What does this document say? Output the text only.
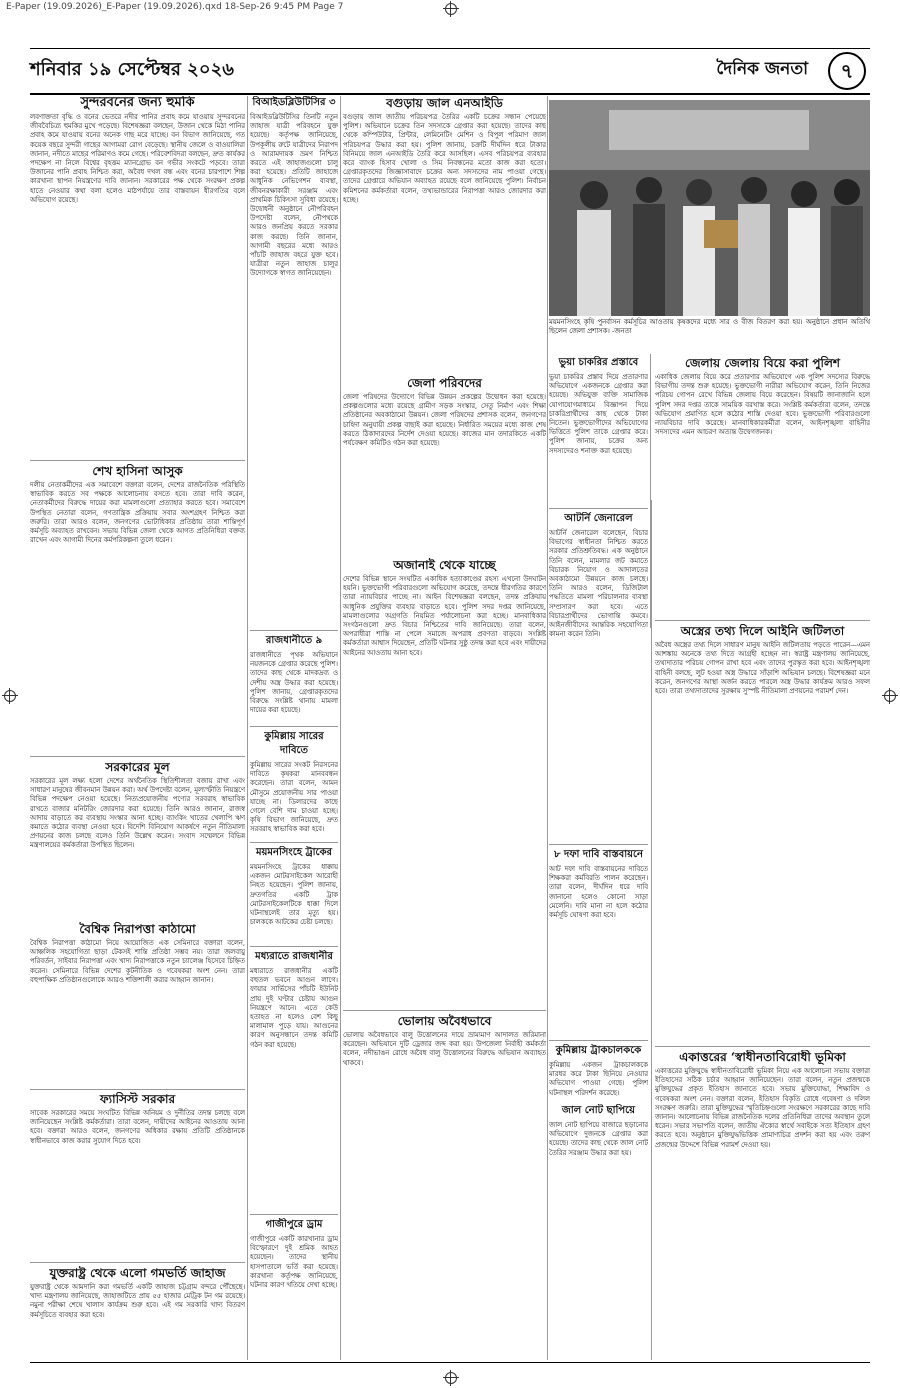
E-Paper (19.09.2026)_E-Paper (19.09.2026).qxd 18-Sep-26 9:45 PM Page 7
শনিবার ১৯ সেপ্টেম্বর ২০২৬	দৈনিক জনতা	৭
সুন্দরবনের জন্য হুমকি
লবণাক্ততা বৃদ্ধি ও বনের ভেতরে নদীর পানির প্রবাহ কমে যাওয়ায় সুন্দরবনের জীববৈচিত্র্য হুমকির মুখে পড়েছে। বিশেষজ্ঞরা বলছেন, উজান থেকে মিঠা পানির প্রবাহ কমে যাওয়ায় বনের অনেক গাছ মরে যাচ্ছে। বন বিভাগ জানিয়েছে, গত কয়েক বছরে সুন্দরী গাছের আগামরা রোগ বেড়েছে। স্থানীয় জেলে ও বাওয়ালিরা জানান, নদীতে মাছের পরিমাণও কমে গেছে। পরিবেশবিদরা বলছেন, দ্রুত কার্যকর পদক্ষেপ না নিলে বিশ্বের বৃহত্তম ম্যানগ্রোভ বন গভীর সংকটে পড়বে। তারা উজানের পানি প্রবাহ নিশ্চিত করা, অবৈধ দখল বন্ধ এবং বনের চারপাশে শিল্প কারখানা স্থাপন নিয়ন্ত্রণের দাবি জানান। সরকারের পক্ষ থেকে সংরক্ষণ প্রকল্প হাতে নেওয়ার কথা বলা হলেও মাঠপর্যায়ে তার বাস্তবায়ন ধীরগতির বলে অভিযোগ রয়েছে।
শেখ হাসিনা আসুক
দলীয় নেতাকর্মীদের এক সমাবেশে বক্তারা বলেন, দেশের রাজনৈতিক পরিস্থিতি স্বাভাবিক করতে সব পক্ষকে আলোচনায় বসতে হবে। তারা দাবি করেন, নেতাকর্মীদের বিরুদ্ধে দায়ের করা মামলাগুলো প্রত্যাহার করতে হবে। সমাবেশে উপস্থিত নেতারা বলেন, গণতান্ত্রিক প্রক্রিয়ায় সবার অংশগ্রহণ নিশ্চিত করা জরুরি। তারা আরও বলেন, জনগণের ভোটাধিকার প্রতিষ্ঠায় তারা শান্তিপূর্ণ কর্মসূচি অব্যাহত রাখবেন। সভায় বিভিন্ন জেলা থেকে আগত প্রতিনিধিরা বক্তব্য রাখেন এবং আগামী দিনের কর্মপরিকল্পনা তুলে ধরেন।
সরকারের মূল
সরকারের মূল লক্ষ্য হলো দেশের অর্থনৈতিক স্থিতিশীলতা বজায় রাখা এবং সাধারণ মানুষের জীবনমান উন্নয়ন করা। অর্থ উপদেষ্টা বলেন, মূল্যস্ফীতি নিয়ন্ত্রণে বিভিন্ন পদক্ষেপ নেওয়া হয়েছে। নিত্যপ্রয়োজনীয় পণ্যের সরবরাহ স্বাভাবিক রাখতে বাজার মনিটরিং জোরদার করা হয়েছে। তিনি আরও জানান, রাজস্ব আদায় বাড়াতে কর ব্যবস্থায় সংস্কার আনা হচ্ছে। ব্যাংকিং খাতের খেলাপি ঋণ কমাতে কঠোর ব্যবস্থা নেওয়া হবে। বিদেশি বিনিয়োগ আকর্ষণে নতুন নীতিমালা প্রণয়নের কাজ চলছে বলেও তিনি উল্লেখ করেন। সংবাদ সম্মেলনে বিভিন্ন মন্ত্রণালয়ের কর্মকর্তারা উপস্থিত ছিলেন।
বৈশ্বিক নিরাপত্তা কাঠামো
বৈশ্বিক নিরাপত্তা কাঠামো নিয়ে আয়োজিত এক সেমিনারে বক্তারা বলেন, আঞ্চলিক সহযোগিতা ছাড়া টেকসই শান্তি প্রতিষ্ঠা সম্ভব নয়। তারা জলবায়ু পরিবর্তন, সাইবার নিরাপত্তা এবং খাদ্য নিরাপত্তাকে নতুন চ্যালেঞ্জ হিসেবে চিহ্নিত করেন। সেমিনারে বিভিন্ন দেশের কূটনীতিক ও গবেষকরা অংশ নেন। তারা বহুপাক্ষিক প্রতিষ্ঠানগুলোকে আরও শক্তিশালী করার আহ্বান জানান।
ফ্যাসিস্ট সরকার
সাবেক সরকারের সময়ে সংঘটিত বিভিন্ন অনিয়ম ও দুর্নীতির তদন্ত চলছে বলে জানিয়েছেন সংশ্লিষ্ট কর্মকর্তারা। তারা বলেন, দায়ীদের আইনের আওতায় আনা হবে। বক্তারা আরও বলেন, জনগণের অধিকার রক্ষায় প্রতিটি প্রতিষ্ঠানকে স্বাধীনভাবে কাজ করার সুযোগ দিতে হবে।
যুক্তরাষ্ট্র থেকে এলো গমভর্তি জাহাজ
যুক্তরাষ্ট্র থেকে আমদানি করা গমভর্তি একটি জাহাজ চট্টগ্রাম বন্দরে পৌঁছেছে। খাদ্য মন্ত্রণালয় জানিয়েছে, জাহাজটিতে প্রায় ৫৫ হাজার মেট্রিক টন গম রয়েছে। নমুনা পরীক্ষা শেষে খালাস কার্যক্রম শুরু হবে। এই গম সরকারি খাদ্য বিতরণ কর্মসূচিতে ব্যবহার করা হবে।
বিআইডব্লিউটিসির ৩
বিআইডব্লিউটিসির তিনটি নতুন জাহাজ যাত্রী পরিবহনে যুক্ত হয়েছে। কর্তৃপক্ষ জানিয়েছে, উপকূলীয় রুটে যাত্রীদের নিরাপদ ও আরামদায়ক ভ্রমণ নিশ্চিত করতে এই জাহাজগুলো চালু করা হয়েছে। প্রতিটি জাহাজে আধুনিক নেভিগেশন ব্যবস্থা, জীবনরক্ষাকারী সরঞ্জাম এবং প্রাথমিক চিকিৎসা সুবিধা রয়েছে। উদ্বোধনী অনুষ্ঠানে নৌপরিবহন উপদেষ্টা বলেন, নৌপথকে আরও জনপ্রিয় করতে সরকার কাজ করছে। তিনি জানান, আগামী বছরের মধ্যে আরও পাঁচটি জাহাজ বহরে যুক্ত হবে। যাত্রীরা নতুন জাহাজ চালুর উদ্যোগকে স্বাগত জানিয়েছেন।
রাজধানীতে ৯
রাজধানীতে পৃথক অভিযানে নয়জনকে গ্রেপ্তার করেছে পুলিশ। তাদের কাছ থেকে মাদকদ্রব্য ও দেশীয় অস্ত্র উদ্ধার করা হয়েছে। পুলিশ জানায়, গ্রেপ্তারকৃতদের বিরুদ্ধে সংশ্লিষ্ট থানায় মামলা দায়ের করা হয়েছে।
কুমিল্লায় সারের দাবিতে
কুমিল্লায় সারের সংকট নিরসনের দাবিতে কৃষকরা মানববন্ধন করেছেন। তারা বলেন, আমন মৌসুমে প্রয়োজনীয় সার পাওয়া যাচ্ছে না। ডিলারদের কাছে গেলে বেশি দাম চাওয়া হচ্ছে। কৃষি বিভাগ জানিয়েছে, দ্রুত সরবরাহ স্বাভাবিক করা হবে।
ময়মনসিংহে ট্রাকের
ময়মনসিংহে ট্রাকের ধাক্কায় একজন মোটরসাইকেল আরোহী নিহত হয়েছেন। পুলিশ জানায়, দ্রুতগতির একটি ট্রাক মোটরসাইকেলটিকে ধাক্কা দিলে ঘটনাস্থলেই তার মৃত্যু হয়। চালককে আটকের চেষ্টা চলছে।
মধ্যরাতে রাজধানীর
মধ্যরাতে রাজধানীর একটি বহুতল ভবনে আগুন লাগে। ফায়ার সার্ভিসের পাঁচটি ইউনিট প্রায় দুই ঘণ্টার চেষ্টায় আগুন নিয়ন্ত্রণে আনে। এতে কেউ হতাহত না হলেও বেশ কিছু মালামাল পুড়ে যায়। আগুনের কারণ অনুসন্ধানে তদন্ত কমিটি গঠন করা হয়েছে।
গাজীপুরে ড্রাম
গাজীপুরে একটি কারখানার ড্রাম বিস্ফোরণে দুই শ্রমিক আহত হয়েছেন। তাদের স্থানীয় হাসপাতালে ভর্তি করা হয়েছে। কারখানা কর্তৃপক্ষ জানিয়েছে, ঘটনার কারণ খতিয়ে দেখা হচ্ছে।
বগুড়ায় জাল এনআইডি
বগুড়ায় জাল জাতীয় পরিচয়পত্র তৈরির একটি চক্রের সন্ধান পেয়েছে পুলিশ। অভিযানে চক্রের তিন সদস্যকে গ্রেপ্তার করা হয়েছে। তাদের কাছ থেকে কম্পিউটার, প্রিন্টার, লেমিনেটিং মেশিন ও বিপুল পরিমাণ জাল পরিচয়পত্র উদ্ধার করা হয়। পুলিশ জানায়, চক্রটি দীর্ঘদিন ধরে টাকার বিনিময়ে জাল এনআইডি তৈরি করে আসছিল। এসব পরিচয়পত্র ব্যবহার করে ব্যাংক হিসাব খোলা ও সিম নিবন্ধনের মতো কাজ করা হতো। গ্রেপ্তারকৃতদের জিজ্ঞাসাবাদে চক্রের অন্য সদস্যদের নাম পাওয়া গেছে। তাদের গ্রেপ্তারে অভিযান অব্যাহত রয়েছে বলে জানিয়েছে পুলিশ। নির্বাচন কমিশনের কর্মকর্তারা বলেন, তথ্যভান্ডারের নিরাপত্তা আরও জোরদার করা হচ্ছে।
জেলা পরিবদের
জেলা পরিষদের উদ্যোগে বিভিন্ন উন্নয়ন প্রকল্পের উদ্বোধন করা হয়েছে। প্রকল্পগুলোর মধ্যে রয়েছে গ্রামীণ সড়ক সংস্কার, সেতু নির্মাণ এবং শিক্ষা প্রতিষ্ঠানের অবকাঠামো উন্নয়ন। জেলা পরিষদের প্রশাসক বলেন, জনগণের চাহিদা অনুযায়ী প্রকল্প বাছাই করা হয়েছে। নির্ধারিত সময়ের মধ্যে কাজ শেষ করতে ঠিকাদারদের নির্দেশ দেওয়া হয়েছে। কাজের মান তদারকিতে একটি পর্যবেক্ষণ কমিটিও গঠন করা হয়েছে।
অজানাই থেকে যাচ্ছে
দেশের বিভিন্ন স্থানে সংঘটিত একাধিক হত্যাকাণ্ডের রহস্য এখনো উদঘাটন হয়নি। ভুক্তভোগী পরিবারগুলো অভিযোগ করেছে, তদন্তে ধীরগতির কারণে তারা ন্যায়বিচার পাচ্ছে না। আইন বিশেষজ্ঞরা বলছেন, তদন্ত প্রক্রিয়ায় আধুনিক প্রযুক্তির ব্যবহার বাড়াতে হবে। পুলিশ সদর দপ্তর জানিয়েছে, মামলাগুলোর অগ্রগতি নিয়মিত পর্যালোচনা করা হচ্ছে। মানবাধিকার সংগঠনগুলো দ্রুত বিচার নিশ্চিতের দাবি জানিয়েছে। তারা বলেন, অপরাধীরা শাস্তি না পেলে সমাজে অপরাধ প্রবণতা বাড়বে। সংশ্লিষ্ট কর্মকর্তারা আশ্বাস দিয়েছেন, প্রতিটি ঘটনার সুষ্ঠু তদন্ত করা হবে এবং দায়ীদের আইনের আওতায় আনা হবে।
ভোলায় অবৈধভাবে
ভোলায় অবৈধভাবে বালু উত্তোলনের দায়ে ভ্রাম্যমাণ আদালত জরিমানা করেছেন। অভিযানে দুটি ড্রেজার জব্দ করা হয়। উপজেলা নির্বাহী কর্মকর্তা বলেন, নদীভাঙন রোধে অবৈধ বালু উত্তোলনের বিরুদ্ধে অভিযান অব্যাহত থাকবে।
ময়মনসিংহে কৃষি পুনর্বাসন কর্মসূচির আওতায় কৃষকদের মধ্যে সার ও বীজ বিতরণ করা হয়। অনুষ্ঠানে প্রধান অতিথি ছিলেন জেলা প্রশাসক। -জনতা
ভুয়া চাকরির প্রস্তাবে
ভুয়া চাকরির প্রস্তাব দিয়ে প্রতারণার অভিযোগে একজনকে গ্রেপ্তার করা হয়েছে। অভিযুক্ত ব্যক্তি সামাজিক যোগাযোগমাধ্যমে বিজ্ঞাপন দিয়ে চাকরিপ্রার্থীদের কাছ থেকে টাকা নিতেন। ভুক্তভোগীদের অভিযোগের ভিত্তিতে পুলিশ তাকে গ্রেপ্তার করে। পুলিশ জানায়, চক্রের অন্য সদস্যদেরও শনাক্ত করা হয়েছে।
আটর্নি জেনারেল
আটর্নি জেনারেল বলেছেন, বিচার বিভাগের স্বাধীনতা নিশ্চিত করতে সরকার প্রতিশ্রুতিবদ্ধ। এক অনুষ্ঠানে তিনি বলেন, মামলার জট কমাতে বিচারক নিয়োগ ও আদালতের অবকাঠামো উন্নয়নে কাজ চলছে। তিনি আরও বলেন, ডিজিটাল পদ্ধতিতে মামলা পরিচালনার ব্যবস্থা সম্প্রসারণ করা হবে। এতে বিচারপ্রার্থীদের ভোগান্তি কমবে। আইনজীবীদের আন্তরিক সহযোগিতা কামনা করেন তিনি।
৮ দফা দাবি বাস্তবায়নে
আট দফা দাবি বাস্তবায়নের দাবিতে শিক্ষকরা কর্মবিরতি পালন করেছেন। তারা বলেন, দীর্ঘদিন ধরে দাবি জানানো হলেও কোনো সাড়া মেলেনি। দাবি মানা না হলে কঠোর কর্মসূচি ঘোষণা করা হবে।
কুমিল্লায় ট্রাকচালককে
কুমিল্লায় একজন ট্রাকচালককে মারধর করে টাকা ছিনিয়ে নেওয়ার অভিযোগ পাওয়া গেছে। পুলিশ ঘটনাস্থল পরিদর্শন করেছে।
জাল নোট ছাপিয়ে
জাল নোট ছাপিয়ে বাজারে ছড়ানোর অভিযোগে দুজনকে গ্রেপ্তার করা হয়েছে। তাদের কাছ থেকে জাল নোট তৈরির সরঞ্জাম উদ্ধার করা হয়।
জেলায় জেলায় বিয়ে করা পুলিশ
একাধিক জেলায় বিয়ে করে প্রতারণার অভিযোগে এক পুলিশ সদস্যের বিরুদ্ধে বিভাগীয় তদন্ত শুরু হয়েছে। ভুক্তভোগী নারীরা অভিযোগ করেন, তিনি নিজের পরিচয় গোপন রেখে বিভিন্ন জেলায় বিয়ে করেছেন। বিষয়টি জানাজানি হলে পুলিশ সদর দপ্তর তাকে সাময়িক বরখাস্ত করে। সংশ্লিষ্ট কর্মকর্তারা বলেন, তদন্তে অভিযোগ প্রমাণিত হলে কঠোর শাস্তি দেওয়া হবে। ভুক্তভোগী পরিবারগুলো ন্যায়বিচার দাবি করেছে। মানবাধিকারকর্মীরা বলেন, আইনশৃঙ্খলা বাহিনীর সদস্যদের এমন আচরণ অত্যন্ত উদ্বেগজনক।
অস্ত্রের তথ্য দিলে আইনি জটিলতা
অবৈধ অস্ত্রের তথ্য দিলে সাধারণ মানুষ আইনি জটিলতায় পড়তে পারেন—এমন আশঙ্কায় অনেকে তথ্য দিতে আগ্রহী হচ্ছেন না। স্বরাষ্ট্র মন্ত্রণালয় জানিয়েছে, তথ্যদাতার পরিচয় গোপন রাখা হবে এবং তাদের পুরস্কৃত করা হবে। আইনশৃঙ্খলা বাহিনী বলছে, লুট হওয়া অস্ত্র উদ্ধারে সাঁড়াশি অভিযান চলছে। বিশেষজ্ঞরা মনে করেন, জনগণের আস্থা অর্জন করতে পারলে অস্ত্র উদ্ধার কার্যক্রম আরও সফল হবে। তারা তথ্যদাতাদের সুরক্ষায় সুস্পষ্ট নীতিমালা প্রণয়নের পরামর্শ দেন।
একাত্তরের ‘স্বাধীনতাবিরোধী ভূমিকা
একাত্তরের মুক্তিযুদ্ধে স্বাধীনতাবিরোধী ভূমিকা নিয়ে এক আলোচনা সভায় বক্তারা ইতিহাসের সঠিক চর্চার আহ্বান জানিয়েছেন। তারা বলেন, নতুন প্রজন্মকে মুক্তিযুদ্ধের প্রকৃত ইতিহাস জানাতে হবে। সভায় মুক্তিযোদ্ধা, শিক্ষাবিদ ও গবেষকরা অংশ নেন। বক্তারা বলেন, ইতিহাস বিকৃতি রোধে গবেষণা ও দলিল সংরক্ষণ জরুরি। তারা মুক্তিযুদ্ধের স্মৃতিচিহ্নগুলো সংরক্ষণে সরকারের কাছে দাবি জানান। আলোচনায় বিভিন্ন রাজনৈতিক দলের প্রতিনিধিরা তাদের অবস্থান তুলে ধরেন। সভার সভাপতি বলেন, জাতীয় ঐক্যের স্বার্থে সবাইকে সত্য ইতিহাস গ্রহণ করতে হবে। অনুষ্ঠানে মুক্তিযুদ্ধভিত্তিক প্রামাণ্যচিত্র প্রদর্শন করা হয় এবং তরুণ প্রজন্মের উদ্দেশে বিভিন্ন পরামর্শ দেওয়া হয়।
